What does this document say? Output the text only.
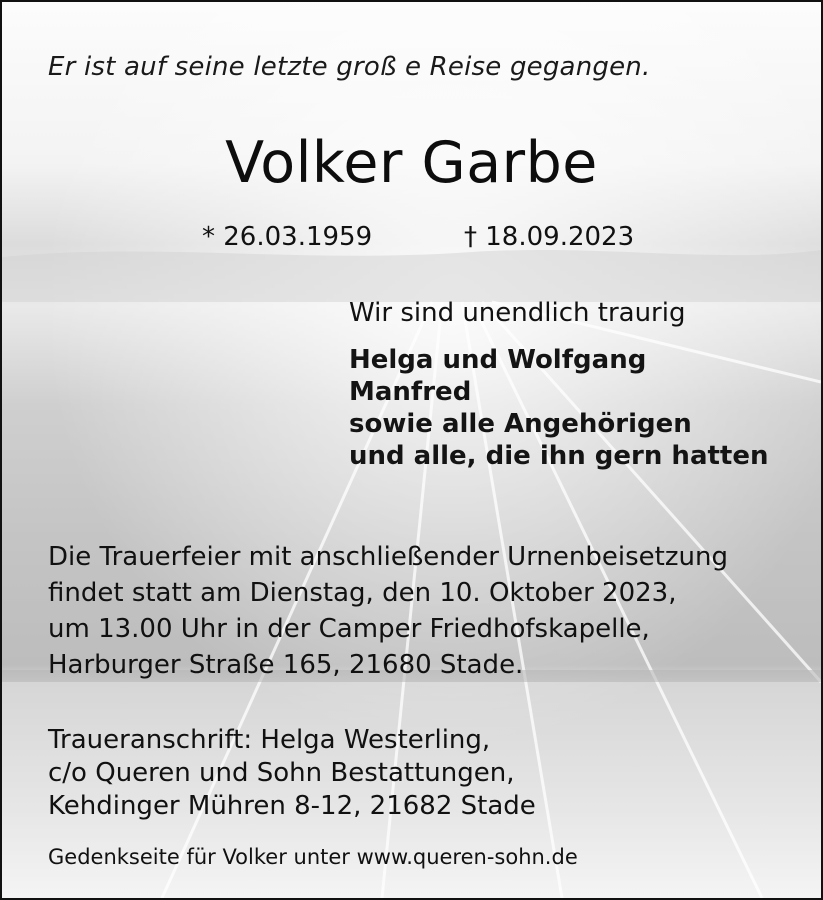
Er ist auf seine letzte groß e Reise gegangen.
Volker Garbe
* 26.03.1959	† 18.09.2023
Wir sind unendlich traurig
Helga und Wolfgang
Manfred
sowie alle Angehörigen
und alle, die ihn gern hatten
Die Trauerfeier mit anschließender Urnenbeisetzung
findet statt am Dienstag, den 10. Oktober 2023,
um 13.00 Uhr in der Camper Friedhofskapelle,
Harburger Straße 165, 21680 Stade.
Traueranschrift: Helga Westerling,
c/o Queren und Sohn Bestattungen,
Kehdinger Mühren 8-12, 21682 Stade
Gedenkseite für Volker unter www.queren-sohn.de
